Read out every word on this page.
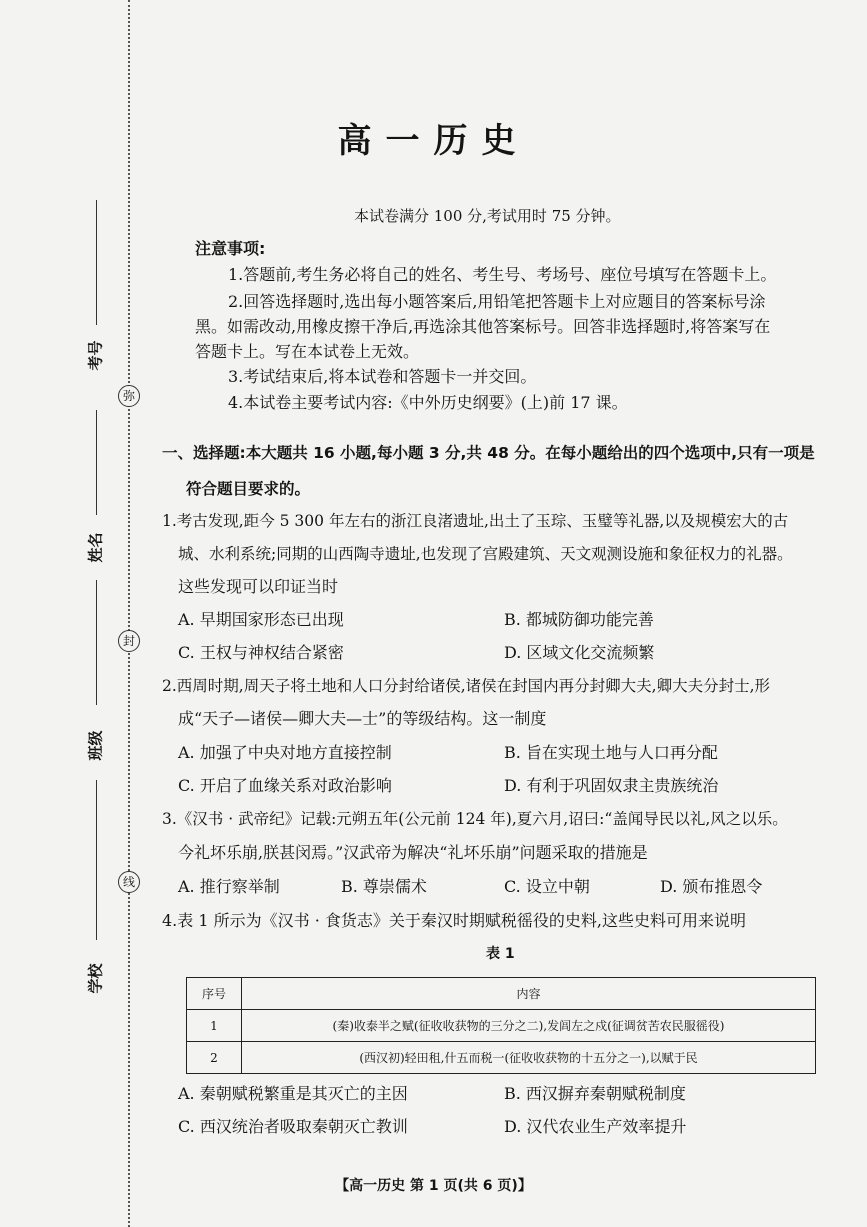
弥
封
线
考号
姓名
班级
学校
高一历史
本试卷满分 100 分,考试用时 75 分钟。
注意事项:
1.答题前,考生务必将自己的姓名、考生号、考场号、座位号填写在答题卡上。
2.回答选择题时,选出每小题答案后,用铅笔把答题卡上对应题目的答案标号涂
黑。如需改动,用橡皮擦干净后,再选涂其他答案标号。回答非选择题时,将答案写在
答题卡上。写在本试卷上无效。
3.考试结束后,将本试卷和答题卡一并交回。
4.本试卷主要考试内容:《中外历史纲要》(上)前 17 课。
一、选择题:本大题共 16 小题,每小题 3 分,共 48 分。在每小题给出的四个选项中,只有一项是
符合题目要求的。
1.考古发现,距今 5 300 年左右的浙江良渚遗址,出土了玉琮、玉璧等礼器,以及规模宏大的古
城、水利系统;同期的山西陶寺遗址,也发现了宫殿建筑、天文观测设施和象征权力的礼器。
这些发现可以印证当时
A. 早期国家形态已出现	B. 都城防御功能完善
C. 王权与神权结合紧密	D. 区域文化交流频繁
2.西周时期,周天子将土地和人口分封给诸侯,诸侯在封国内再分封卿大夫,卿大夫分封士,形
成“天子—诸侯—卿大夫—士”的等级结构。这一制度
A. 加强了中央对地方直接控制	B. 旨在实现土地与人口再分配
C. 开启了血缘关系对政治影响	D. 有利于巩固奴隶主贵族统治
3.《汉书 · 武帝纪》记载:元朔五年(公元前 124 年),夏六月,诏曰:“盖闻导民以礼,风之以乐。
今礼坏乐崩,朕甚闵焉。”汉武帝为解决“礼坏乐崩”问题采取的措施是
A. 推行察举制	B. 尊崇儒术	C. 设立中朝	D. 颁布推恩令
4.表 1 所示为《汉书 · 食货志》关于秦汉时期赋税徭役的史料,这些史料可用来说明
表 1
序号	内容
1	(秦)收泰半之赋(征收收获物的三分之二),发闾左之戍(征调贫苦农民服徭役)
2	(西汉初)轻田租,什五而税一(征收收获物的十五分之一),以赋于民
A. 秦朝赋税繁重是其灭亡的主因	B. 西汉摒弃秦朝赋税制度
C. 西汉统治者吸取秦朝灭亡教训	D. 汉代农业生产效率提升
【高一历史 第 1 页(共 6 页)】
